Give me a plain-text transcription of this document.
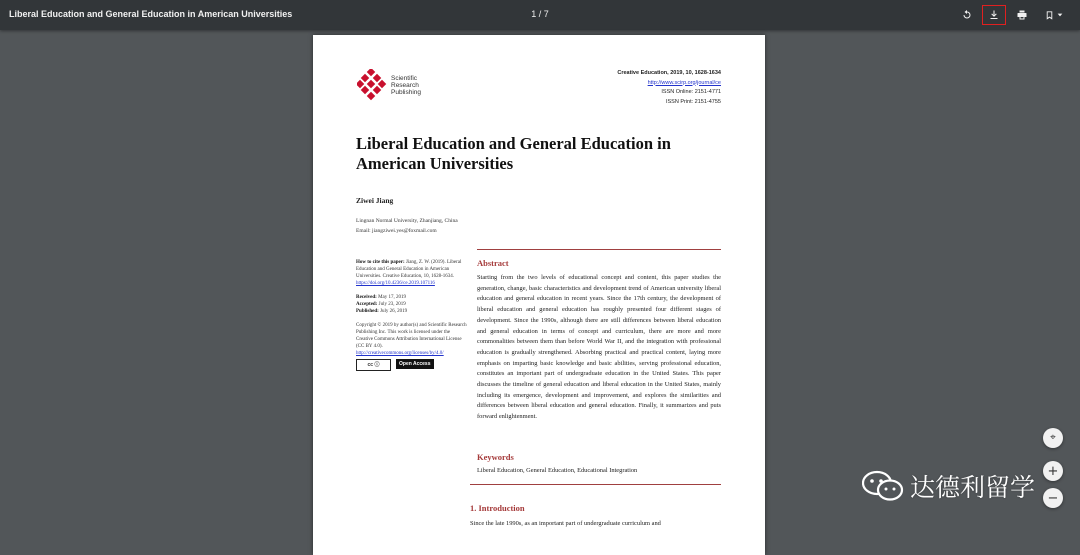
Liberal Education and General Education in American Universities	1 / 7
Scientific
Research
Publishing
Creative Education, 2019, 10, 1628-1634
http://www.scirp.org/journal/ce
ISSN Online: 2151-4771
ISSN Print: 2151-4755
Liberal Education and General Education in American Universities
Ziwei Jiang
Lingnan Normal University, Zhanjiang, China
Email: jiangziwei.yes@foxmail.com

How to cite this paper: Jiang, Z. W. (2019). Liberal Education and General Education in American Universities. Creative Education, 10, 1628-1634.
https://doi.org/10.4236/ce.2019.107116

Received: May 17, 2019
Accepted: July 23, 2019
Published: July 26, 2019

Copyright © 2019 by author(s) and Scientific Research Publishing Inc. This work is licensed under the Creative Commons Attribution International License (CC BY 4.0).
http://creativecommons.org/licenses/by/4.0/

cc ⓘ	Open Access
Abstract
Starting from the two levels of educational concept and content, this paper studies the generation, change, basic characteristics and development trend of American university liberal education and general education in recent years. Since the 17th century, the development of liberal education and general education has roughly presented four different stages of development. Since the 1990s, although there are still differences between liberal education and general education in terms of concept and curriculum, there are more and more commonalities between them than before World War II, and the integration with professional education is gradually strengthened. Absorbing practical and practical content, laying more emphasis on imparting basic knowledge and basic abilities, serving professional education, constitutes an important part of undergraduate education in the United States. This paper discusses the timeline of general education and liberal education in the United States, mainly including its emergence, development and improvement, and explores the similarities and differences between liberal education and general education. Finally, it summarizes and puts forward enlightenment.
Keywords
Liberal Education, General Education, Educational Integration
1. Introduction
Since the late 1990s, as an important part of undergraduate curriculum and
⌖
+
−
达德利留学
